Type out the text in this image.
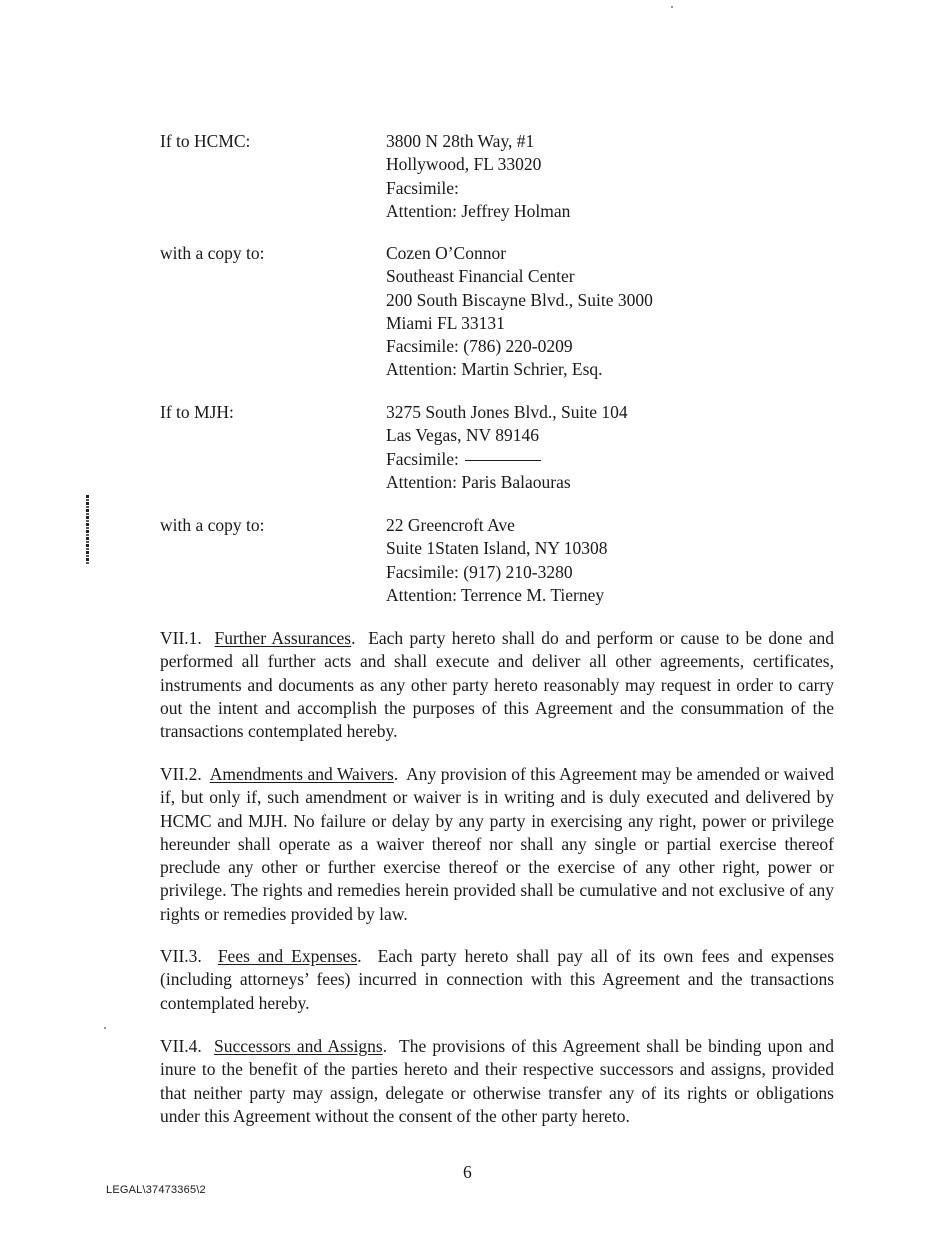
If to HCMC:	3800 N 28th Way, #1
Hollywood, FL 33020
Facsimile:
Attention: Jeffrey Holman
with a copy to:	Cozen O’Connor
Southeast Financial Center
200 South Biscayne Blvd., Suite 3000
Miami FL 33131
Facsimile: (786) 220-0209
Attention: Martin Schrier, Esq.
If to MJH:	3275 South Jones Blvd., Suite 104
Las Vegas, NV 89146
Facsimile:
Attention: Paris Balaouras
with a copy to:	22 Greencroft Ave
Suite 1Staten Island, NY 10308
Facsimile: (917) 210-3280
Attention: Terrence M. Tierney
VII.1. Further Assurances.  Each party hereto shall do and perform or cause to be done and performed all further acts and shall execute and deliver all other agreements, certificates, instruments and documents as any other party hereto reasonably may request in order to carry out the intent and accomplish the purposes of this Agreement and the consummation of the transactions contemplated hereby.
VII.2. Amendments and Waivers.  Any provision of this Agreement may be amended or waived if, but only if, such amendment or waiver is in writing and is duly executed and delivered by HCMC and MJH. No failure or delay by any party in exercising any right, power or privilege hereunder shall operate as a waiver thereof nor shall any single or partial exercise thereof preclude any other or further exercise thereof or the exercise of any other right, power or privilege. The rights and remedies herein provided shall be cumulative and not exclusive of any rights or remedies provided by law.
VII.3. Fees and Expenses.  Each party hereto shall pay all of its own fees and expenses (including attorneys’ fees) incurred in connection with this Agreement and the transactions contemplated hereby.
VII.4. Successors and Assigns.  The provisions of this Agreement shall be binding upon and inure to the benefit of the parties hereto and their respective successors and assigns, provided that neither party may assign, delegate or otherwise transfer any of its rights or obligations under this Agreement without the consent of the other party hereto.
6
LEGAL\37473365\2
